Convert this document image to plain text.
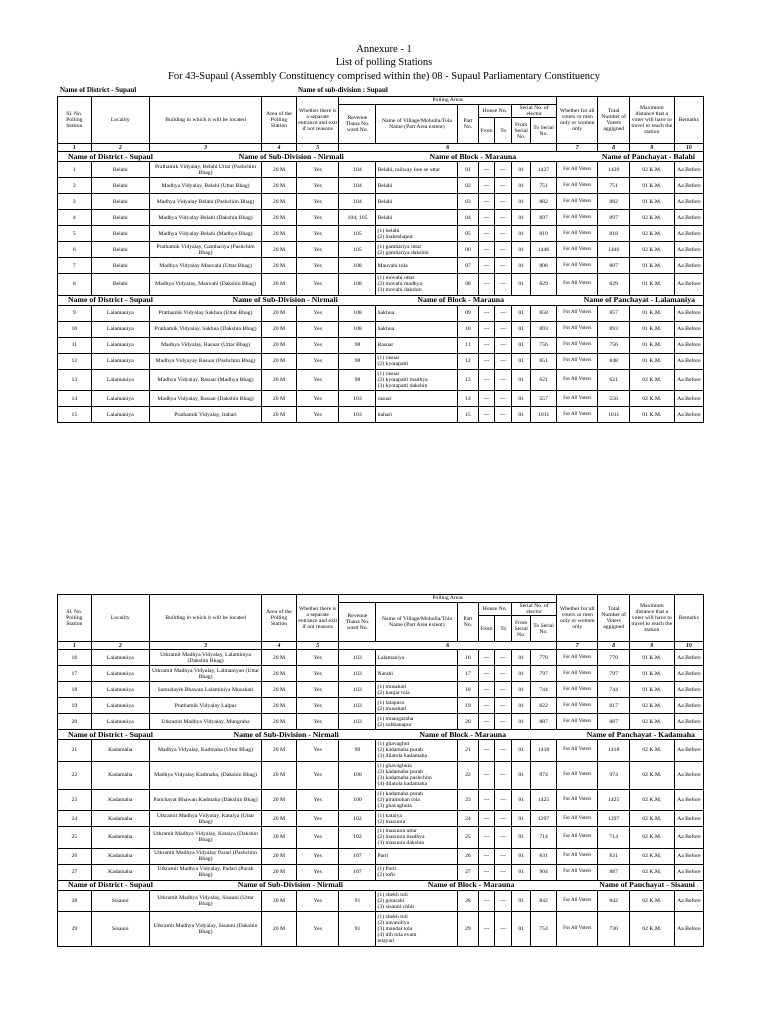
Annexure - 1
List of polling Stations
For 43-Supaul (Assembly Constituency comprised within the) 08 - Supaul Parliamentary Constituency
Name of District - Supaul	Name of sub-division : Supaul
Sl. No. Polling Station	Locality	Building in which it will be located	Area of the Polling Station	Whether there is a separate entrance and exit if not reasons	Polling Areas							Whether for all voters or men only or women only	Total Number of Voters aggigned	Maximum distance that a voter will have to travel to reach the station	Remarks
					Revenue Thana No. ward No.	Name of Village/Mohulla/Tola Name (Part Area extent)	Part No.	House No.		Serial No. of elector					
								From	To	From Serial No.	To Serial No.				
1	2	3	4	5	6							7	8	9	10

Name of District - Supaul Name of Sub-Division - Nirmali Name of Block - Marauna Name of Panchayat - Balahi															

1	Belahi	Prathamik Vidyalay, Belahi Uttar (Pashchim Bhag)	20 M	Yes	104	Belahi, railway line se uttar	01	---	---	01	1427	For All Voters	1420	02 K.M.	Aa Before
2	Belahi	Madhya Vidyalay, Belahi (Uttar Bhag)	20 M	Yes	104	Belahi	02	---	---	01	751	For All Voters	751	01 K.M.	Aa Before
3	Belahi	Madhya Vidyalay Belahi (Pashchim Bhag)	20 M	Yes	104	Belahi	03	---	---	01	882	For All Voters	882	01 K.M.	Aa Before
4	Belahi	Madhya Vidyalay Belahi (Dakshin Bhag)	20 M	Yes	104, 105	Belahi	04	---	---	01	897	For All Voters	897	02 K.M.	Aa Before
5	Belahi	Madhya Vidyalay Belahi (Madhya Bhag)	20 M	Yes	105	(1) belahi
(2) maheshapur	05	---	---	01	819	For All Voters	818	02 K.M.	Aa Before
6	Belahi	Prathamik Vidyalay, Gamhariya (Pashchim Bhag)	20 M	Yes	105	(1) gamhariya uttar
(2) gamhariya dakshin	06	---	---	01	1446	For All Voters	1446	02 K.M.	Aa Before
7	Belahi	Madhya Vidyalay Mauvahi (Uttar Bhag)	20 M	Yes	108	Mauvahi tola	07	---	---	01	808	For All Voters	807	01 K.M.	Aa Before
8	Belahi	Madhya Vidyalay, Mauvahi (Dakshin Bhag)	20 M	Yes	108	(1) movahi uttar
(2) movahi madhya
(3) movahi dakshin	08	---	---	01	829	For All Voters	829	01 K.M.	Aa Before

Name of District - Supaul Name of Sub-Division - Nirmali Name of Block - Marauna Name of Panchayat - Lalamaniya															

9	Lalamaniya	Prathamik Vidyalay Sakhua (Uttar Bhag)	20 M	Yes	108	Sakhua	09	---	---	01	858	For All Voters	857	01 K.M.	Aa Before
10	Lalamaniya	Prathamik Vidyalay, Sakhua (Dakshin Bhag)	20 M	Yes	108	Sakhua	10	---	---	01	893	For All Voters	893	01 K.M.	Aa Before
11	Lalamaniya	Madhya Vidyalay, Rasuar (Uttar Bhag)	20 M	Yes	98	Rasuar	11	---	---	01	756	For All Voters	756	01 K.M.	Aa Before
12	Lalamaniya	Madhya Vidyayay Rasuar (Pashchim Bhag)	20 M	Yes	98	(1) rasuar
(2) kyotapatti	12	---	---	01	851	For All Voters	848	01 K.M.	Aa Before
13	Lalamaniya	Madhya Vidyalay, Rasuar (Madhya Bhag)	20 M	Yes	98	(1) rasuar
(2) kyotapatti madhya
(3) kyotapatti dakshin	13	---	---	01	621	For All Voters	621	02 K.M.	Aa Before
14	Lalamaniya	Madhya Vidyalay, Rasuar (Dakshin Bhag)	20 M	Yes	103	rasuar	14	---	---	01	557	For All Voters	556	02 K.M.	Aa Before
15	Lalamaniya	Prathamik Vidyalay, Itahari	20 M	Yes	103	itahari	15	---	---	01	1011	For All Voters	1011	01 K.M.	Aa Before
Sl. No. Polling Station	Locality	Building in which it will be located	Area of the Polling Station	Whether there is a separate entrance and exit if not reasons	Polling Areas							Whether for all voters or men only or women only	Total Number of Voters aggigned	Maximum distance that a voter will have to travel to reach the station	Remarks
					Revenue Thana No. ward No.	Name of Village/Mohulla/Tola Name (Part Area extent)	Part No.	House No.		Serial No. of elector					
								From	To	From Serial No.	To Serial No.				
1	2	3	4	5	6							7	8	9	10
16	Lalamaniya	Utkramit Madhya Vidyalay, Lalaminiya (Dakshin Bhag)	20 M	Yes	103	Lalamaniya	16	---	---	01	770	For All Voters	770	01 K.M.	Aa Before
17	Lalamaniya	Utkramit Madhya Vidyalay, Lalmaniyan (Uttar Bhag)	20 M	Yes	103	Narahi	17	---	---	01	797	For All Voters	797	01 K.M.	Aa Before
18	Lalamaniya	Samudayik Bhawan Lalaminiya Musahari	20 M	Yes	103	(1) musahari
(2) kanjar tola	18	---	---	01	744	For All Voters	744	01 K.M.	Aa Before
19	Lalamaniya	Prathamik Vidyalay Lalpur	20 M	Yes	103	(1) lalapura
(2) musahari	19	---	---	01	822	For All Voters	817	02 K.M.	Aa Before
20	Lalamaniya	Utkramit Madhya Vidyalay, Mungraha	20 M	Yes	103	(1) muangaraha
(2) subhanapur	20	---	---	01	887	For All Voters	887	02 K.M.	Aa Before

Name of District - Supaul Name of Sub-Division - Nirmali Name of Block - Marauna Name of Panchayat - Kadamaha															

21	Kadamaha	Madhya Vidyalay, Kadmaha (Uttar Bhag)	20 M	Yes	99	(1) ghavaghut
(2) kadamaha purab
(3) dilatola kadamaha	21	---	---	01	1418	For All Voters	1418	02 K.M.	Aa Before
22	Kadamaha	Madhya Vidyalay Kadmaha, (Dakshin Bhag)	20 M	Yes	100	(1) ghavaghuta
(2) kadamaha purab
(3) kadamaha pashchim
(4) dilatola kadamaha	22	---	---	01	974	For All Voters	974	02 K.M.	Aa Before
23	Kadamaha	Panchayat Bhawan Kadmaha (Dakshin Bhag)	20 M	Yes	100	(1) kadamaha purab
(2) piramohan tola
(3) ghavaghuta	23	---	---	01	1425	For All Voters	1425	02 K.M.	Aa Before
24	Kadamaha	Utkramit Madhya Vidyalay, Kataiya (Uttar Bhag)	20 M	Yes	102	(1) kataiya
(2) mazuura	24	---	---	01	1297	For All Voters	1297	02 K.M.	Aa Before
25	Kadamaha	Utkramit Madhya Vidyalay, Kataiya (Dakshin Bhag)	20 M	Yes	102	(1) mazuura uttar
(2) mazuura madhya
(3) mazuura dakshin	25	---	---	01	714	For All Voters	714	02 K.M.	Aa Before
26	Kadamaha	Utkramit Madhya Vidyalay Parari (Pashchim Bhag)	20 M	Yes	107	Parri	26	---	---	01	831	For All Voters	831	02 K.M.	Aa Before
27	Kadamaha	Utkramit Madhya Vidyalay, Padari (Purab Bhag)	20 M	Yes	107	(1) Parri
(2) tofir	27	---	---	01	904	For All Voters	887	02 K.M.	Aa Before

Name of District - Supaul Name of Sub-Division - Nirmali Name of Block - Marauna Name of Panchayat - Sisauni															

28	Sisauni	Utkramit Madhya Vidyalay, Sisauni (Uttar Bhag)	20 M	Yes	91	(1) shekh toli
(2) gotarahi
(3) sisauni chhit	28	---	---	01	842	For All Voters	842	02 K.M.	Aa Before
29	Sisauni	Utkramit Madhya Vidyalay, Sisauni (Dakshin Bhag)	20 M	Yes	91	(1) shekh toli
(2) navatoliya
(3) mandal tola
(4) dih tola evam
telayari	29	---	---	01	754	For All Voters	730	02 K.M.	Aa Before
